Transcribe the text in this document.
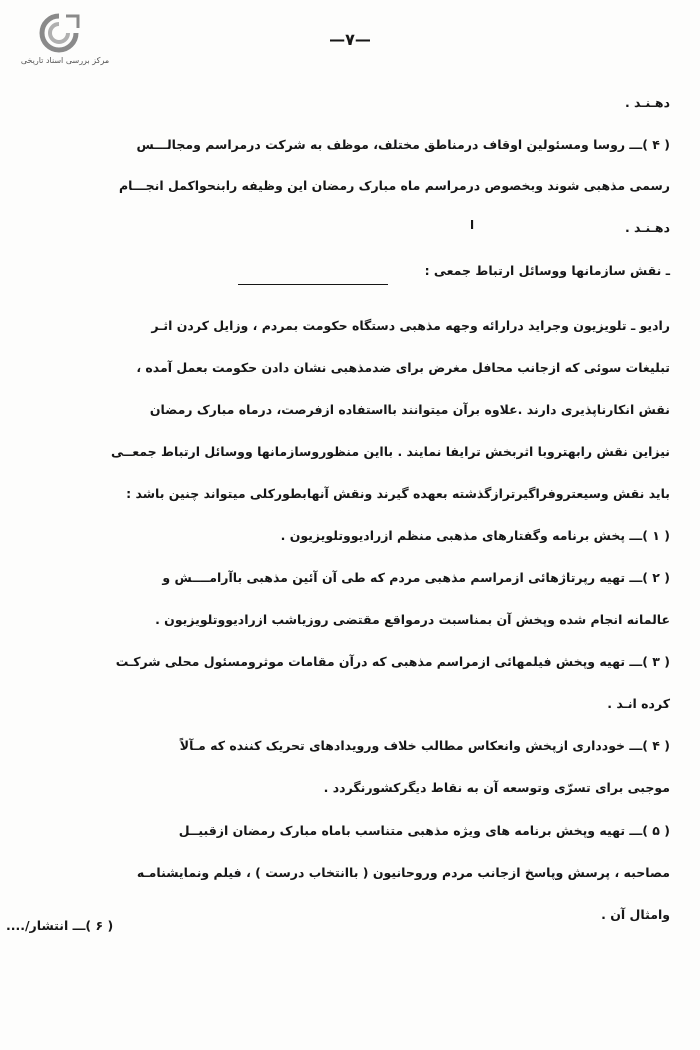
مرکز بررسی اسناد تاریخی
—۷—
دهـنـد .
( ۴ )ـــ روسا ومسئولین اوقاف درمناطق مختلف، موظف به شرکت درمراسم ومجالـــس
رسمی مذهبی شوند وبخصوص درمراسم ماه مبارک رمضان این وظیفه رابنحواکمل انجـــام
دهـنـد .
ـ نقش سازمانها ووسائل ارتباط جمعی :
رادیو ـ تلویزیون وجراید درارائه وجهه مذهبی دستگاه حکومت بمردم ، وزایل کردن اثـر
تبلیغات سوئی که ازجانب محافل مغرض برای ضدمذهبی نشان دادن حکومت بعمل آمده ،
نقش انکارناپذیری دارند .علاوه برآن میتوانند بااستفاده ازفرصت، درماه مبارک رمضان
نیزاین نقش رابهتروبا اثربخش ترایفا نمایند . بااین منظوروسازمانها ووسائل ارتباط جمعــی
باید نقش وسیعتروفراگیرترازگذشته بعهده گیرند ونقش آنهابطورکلی میتواند چنین باشد :
( ۱ )ـــ پخش برنامه وگفتارهای مذهبی منظم ازرادیووتلویزیون .
( ۲ )ـــ تهیه رپرتاژهائی ازمراسم مذهبی مردم که طی آن آئین مذهبی باآرامــــش و
عالمانه انجام شده وپخش آن بمناسبت درمواقع مقتضی روزیاشب ازرادیووتلویزیون .
( ۳ )ـــ تهیه وپخش فیلمهائی ازمراسم مذهبی که درآن مقامات موثرومسئول محلی شرکـت
کرده انـد .
( ۴ )ـــ خودداری ازپخش وانعکاس مطالب خلاف ورویدادهای تحریک کننده که مـآلاً
موجبی برای تسرّی وتوسعه آن به نقاط دیگرکشورنگردد .
( ۵ )ـــ تهیه وپخش برنامه های ویژه مذهبی متناسب باماه مبارک رمضان ازقبیــل
مصاحبه ، پرسش وپاسخ ازجانب مردم وروحانیون ( باانتخاب درست ) ، فیلم ونمایشنامـه
وامثال آن .
ا
( ۶ )ـــ انتشار/....
